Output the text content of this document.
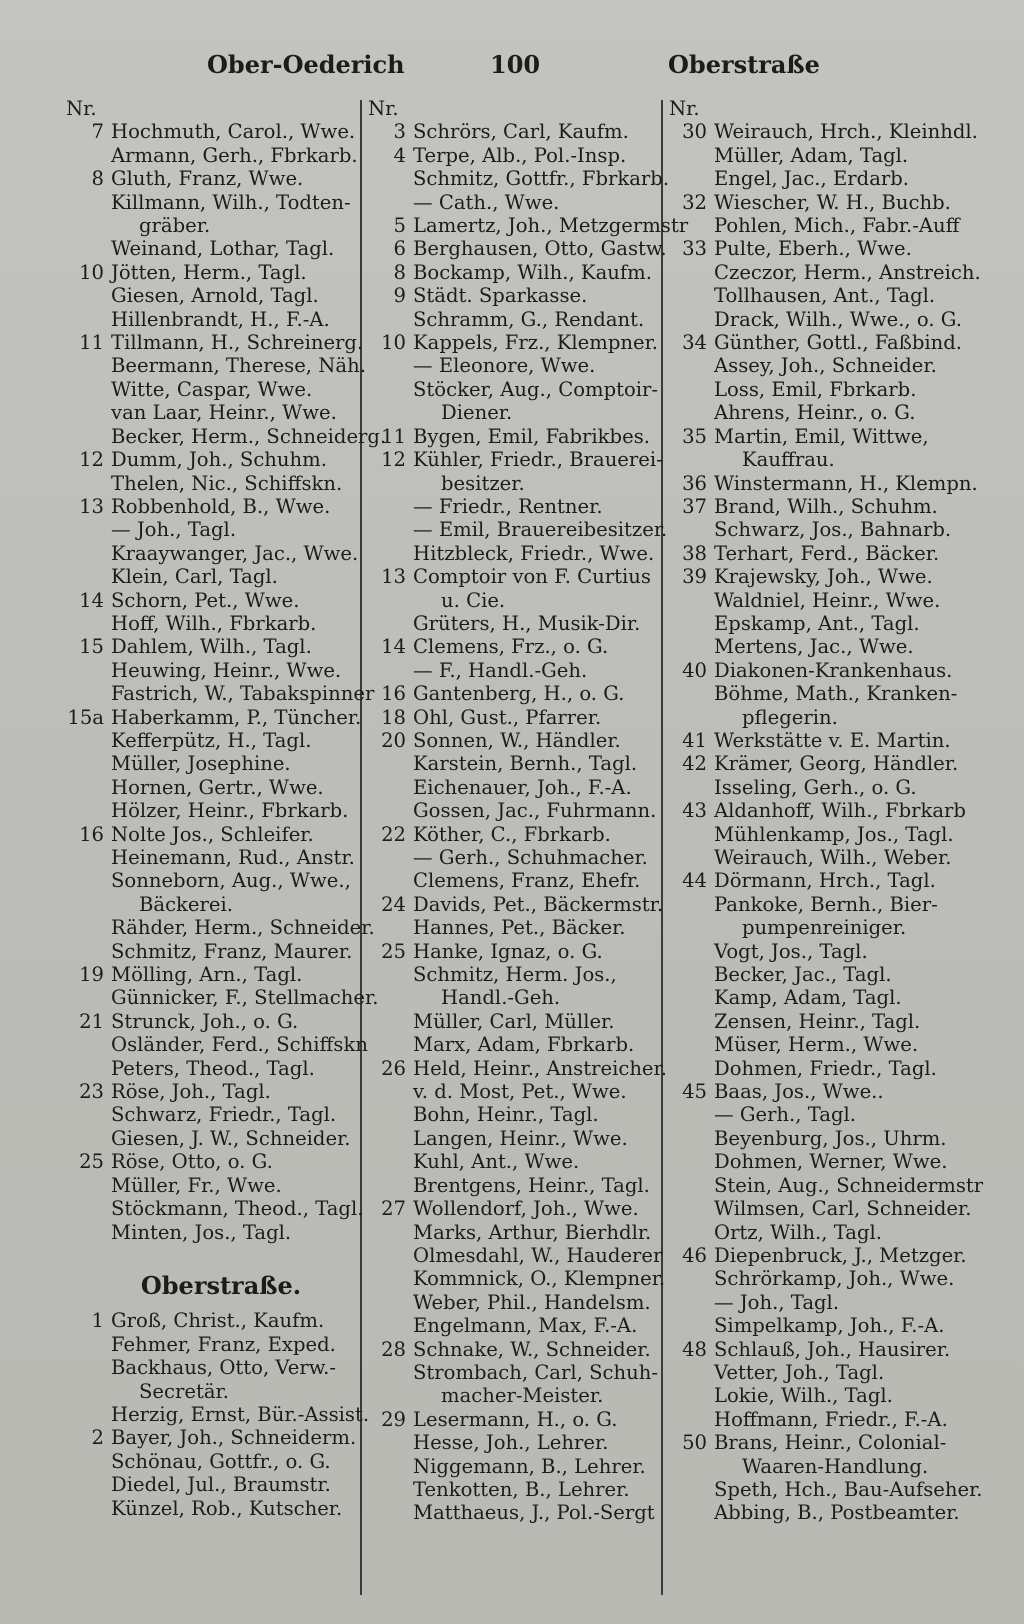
Ober-Oederich	100	Oberstraße
Nr.
7 Hochmuth, Carol., Wwe.
Armann, Gerh., Fbrkarb.
8 Gluth, Franz, Wwe.
Killmann, Wilh., Todten-
gräber.
Weinand, Lothar, Tagl.
10 Jötten, Herm., Tagl.
Giesen, Arnold, Tagl.
Hillenbrandt, H., F.-A.
11 Tillmann, H., Schreinerg.
Beermann, Therese, Näh.
Witte, Caspar, Wwe.
van Laar, Heinr., Wwe.
Becker, Herm., Schneiderg.
12 Dumm, Joh., Schuhm.
Thelen, Nic., Schiffskn.
13 Robbenhold, B., Wwe.
— Joh., Tagl.
Kraaywanger, Jac., Wwe.
Klein, Carl, Tagl.
14 Schorn, Pet., Wwe.
Hoff, Wilh., Fbrkarb.
15 Dahlem, Wilh., Tagl.
Heuwing, Heinr., Wwe.
Fastrich, W., Tabakspinner
15a Haberkamm, P., Tüncher.
Kefferpütz, H., Tagl.
Müller, Josephine.
Hornen, Gertr., Wwe.
Hölzer, Heinr., Fbrkarb.
16 Nolte Jos., Schleifer.
Heinemann, Rud., Anstr.
Sonneborn, Aug., Wwe.,
Bäckerei.
Rähder, Herm., Schneider.
Schmitz, Franz, Maurer.
19 Mölling, Arn., Tagl.
Günnicker, F., Stellmacher.
21 Strunck, Joh., o. G.
Osländer, Ferd., Schiffskn
Peters, Theod., Tagl.
23 Röse, Joh., Tagl.
Schwarz, Friedr., Tagl.
Giesen, J. W., Schneider.
25 Röse, Otto, o. G.
Müller, Fr., Wwe.
Stöckmann, Theod., Tagl.
Minten, Jos., Tagl.
Oberstraße.
1 Groß, Christ., Kaufm.
Fehmer, Franz, Exped.
Backhaus, Otto, Verw.-
Secretär.
Herzig, Ernst, Bür.-Assist.
2 Bayer, Joh., Schneiderm.
Schönau, Gottfr., o. G.
Diedel, Jul., Braumstr.
Künzel, Rob., Kutscher.
Nr.
3 Schrörs, Carl, Kaufm.
4 Terpe, Alb., Pol.-Insp.
Schmitz, Gottfr., Fbrkarb.
— Cath., Wwe.
5 Lamertz, Joh., Metzgermstr
6 Berghausen, Otto, Gastw.
8 Bockamp, Wilh., Kaufm.
9 Städt. Sparkasse.
Schramm, G., Rendant.
10 Kappels, Frz., Klempner.
— Eleonore, Wwe.
Stöcker, Aug., Comptoir-
Diener.
11 Bygen, Emil, Fabrikbes.
12 Kühler, Friedr., Brauerei-
besitzer.
— Friedr., Rentner.
— Emil, Brauereibesitzer.
Hitzbleck, Friedr., Wwe.
13 Comptoir von F. Curtius
u. Cie.
Grüters, H., Musik-Dir.
14 Clemens, Frz., o. G.
— F., Handl.-Geh.
16 Gantenberg, H., o. G.
18 Ohl, Gust., Pfarrer.
20 Sonnen, W., Händler.
Karstein, Bernh., Tagl.
Eichenauer, Joh., F.-A.
Gossen, Jac., Fuhrmann.
22 Köther, C., Fbrkarb.
— Gerh., Schuhmacher.
Clemens, Franz, Ehefr.
24 Davids, Pet., Bäckermstr.
Hannes, Pet., Bäcker.
25 Hanke, Ignaz, o. G.
Schmitz, Herm. Jos.,
Handl.-Geh.
Müller, Carl, Müller.
Marx, Adam, Fbrkarb.
26 Held, Heinr., Anstreicher.
v. d. Most, Pet., Wwe.
Bohn, Heinr., Tagl.
Langen, Heinr., Wwe.
Kuhl, Ant., Wwe.
Brentgens, Heinr., Tagl.
27 Wollendorf, Joh., Wwe.
Marks, Arthur, Bierhdlr.
Olmesdahl, W., Hauderer
Kommnick, O., Klempner.
Weber, Phil., Handelsm.
Engelmann, Max, F.-A.
28 Schnake, W., Schneider.
Strombach, Carl, Schuh-
macher-Meister.
29 Lesermann, H., o. G.
Hesse, Joh., Lehrer.
Niggemann, B., Lehrer.
Tenkotten, B., Lehrer.
Matthaeus, J., Pol.-Sergt
Nr.
30 Weirauch, Hrch., Kleinhdl.
Müller, Adam, Tagl.
Engel, Jac., Erdarb.
32 Wiescher, W. H., Buchb.
Pohlen, Mich., Fabr.-Auff
33 Pulte, Eberh., Wwe.
Czeczor, Herm., Anstreich.
Tollhausen, Ant., Tagl.
Drack, Wilh., Wwe., o. G.
34 Günther, Gottl., Faßbind.
Assey, Joh., Schneider.
Loss, Emil, Fbrkarb.
Ahrens, Heinr., o. G.
35 Martin, Emil, Wittwe,
Kauffrau.
36 Winstermann, H., Klempn.
37 Brand, Wilh., Schuhm.
Schwarz, Jos., Bahnarb.
38 Terhart, Ferd., Bäcker.
39 Krajewsky, Joh., Wwe.
Waldniel, Heinr., Wwe.
Epskamp, Ant., Tagl.
Mertens, Jac., Wwe.
40 Diakonen-Krankenhaus.
Böhme, Math., Kranken-
pflegerin.
41 Werkstätte v. E. Martin.
42 Krämer, Georg, Händler.
Isseling, Gerh., o. G.
43 Aldanhoff, Wilh., Fbrkarb
Mühlenkamp, Jos., Tagl.
Weirauch, Wilh., Weber.
44 Dörmann, Hrch., Tagl.
Pankoke, Bernh., Bier-
pumpenreiniger.
Vogt, Jos., Tagl.
Becker, Jac., Tagl.
Kamp, Adam, Tagl.
Zensen, Heinr., Tagl.
Müser, Herm., Wwe.
Dohmen, Friedr., Tagl.
45 Baas, Jos., Wwe..
— Gerh., Tagl.
Beyenburg, Jos., Uhrm.
Dohmen, Werner, Wwe.
Stein, Aug., Schneidermstr
Wilmsen, Carl, Schneider.
Ortz, Wilh., Tagl.
46 Diepenbruck, J., Metzger.
Schrörkamp, Joh., Wwe.
— Joh., Tagl.
Simpelkamp, Joh., F.-A.
48 Schlauß, Joh., Hausirer.
Vetter, Joh., Tagl.
Lokie, Wilh., Tagl.
Hoffmann, Friedr., F.-A.
50 Brans, Heinr., Colonial-
Waaren-Handlung.
Speth, Hch., Bau-Aufseher.
Abbing, B., Postbeamter.
